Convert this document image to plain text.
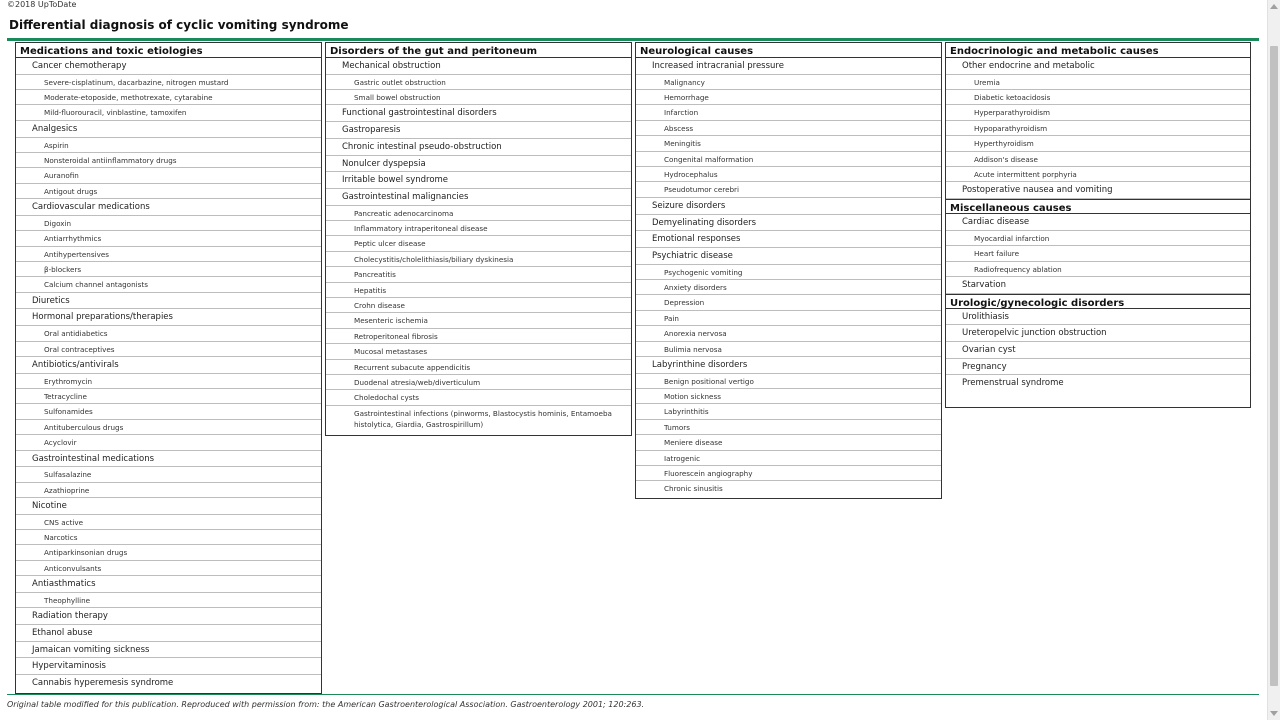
©2018 UpToDate
Differential diagnosis of cyclic vomiting syndrome
Medications and toxic etiologies
Cancer chemotherapy
Severe-cisplatinum, dacarbazine, nitrogen mustard
Moderate-etoposide, methotrexate, cytarabine
Mild-fluorouracil, vinblastine, tamoxifen
Analgesics
Aspirin
Nonsteroidal antiinflammatory drugs
Auranofin
Antigout drugs
Cardiovascular medications
Digoxin
Antiarrhythmics
Antihypertensives
β-blockers
Calcium channel antagonists
Diuretics
Hormonal preparations/therapies
Oral antidiabetics
Oral contraceptives
Antibiotics/antivirals
Erythromycin
Tetracycline
Sulfonamides
Antituberculous drugs
Acyclovir
Gastrointestinal medications
Sulfasalazine
Azathioprine
Nicotine
CNS active
Narcotics
Antiparkinsonian drugs
Anticonvulsants
Antiasthmatics
Theophylline
Radiation therapy
Ethanol abuse
Jamaican vomiting sickness
Hypervitaminosis
Cannabis hyperemesis syndrome
Disorders of the gut and peritoneum
Mechanical obstruction
Gastric outlet obstruction
Small bowel obstruction
Functional gastrointestinal disorders
Gastroparesis
Chronic intestinal pseudo-obstruction
Nonulcer dyspepsia
Irritable bowel syndrome
Gastrointestinal malignancies
Pancreatic adenocarcinoma
Inflammatory intraperitoneal disease
Peptic ulcer disease
Cholecystitis/cholelithiasis/biliary dyskinesia
Pancreatitis
Hepatitis
Crohn disease
Mesenteric ischemia
Retroperitoneal fibrosis
Mucosal metastases
Recurrent subacute appendicitis
Duodenal atresia/web/diverticulum
Choledochal cysts
Gastrointestinal infections (pinworms, Blastocystis hominis, Entamoeba histolytica, Giardia, Gastrospirillum)
Neurological causes
Increased intracranial pressure
Malignancy
Hemorrhage
Infarction
Abscess
Meningitis
Congenital malformation
Hydrocephalus
Pseudotumor cerebri
Seizure disorders
Demyelinating disorders
Emotional responses
Psychiatric disease
Psychogenic vomiting
Anxiety disorders
Depression
Pain
Anorexia nervosa
Bulimia nervosa
Labyrinthine disorders
Benign positional vertigo
Motion sickness
Labyrinthitis
Tumors
Meniere disease
Iatrogenic
Fluorescein angiography
Chronic sinusitis
Endocrinologic and metabolic causes
Other endocrine and metabolic
Uremia
Diabetic ketoacidosis
Hyperparathyroidism
Hypoparathyroidism
Hyperthyroidism
Addison's disease
Acute intermittent porphyria
Postoperative nausea and vomiting
Miscellaneous causes
Cardiac disease
Myocardial infarction
Heart failure
Radiofrequency ablation
Starvation
Urologic/gynecologic disorders
Urolithiasis
Ureteropelvic junction obstruction
Ovarian cyst
Pregnancy
Premenstrual syndrome
Original table modified for this publication. Reproduced with permission from: the American Gastroenterological Association. Gastroenterology 2001; 120:263.
